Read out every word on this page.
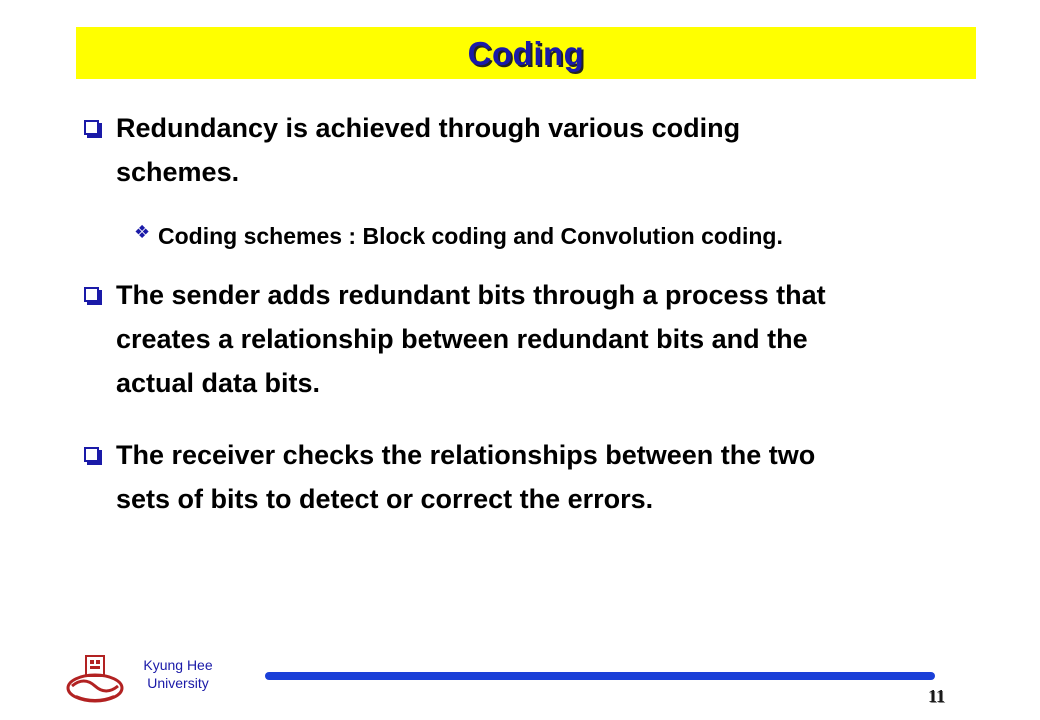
Coding
Redundancy is achieved through various coding
schemes.
❖ Coding schemes : Block coding and Convolution coding.
The sender adds redundant bits through a process that
creates a relationship between redundant bits and the
actual data bits.
The receiver checks the relationships between the two
sets of bits to detect or correct the errors.
Kyung Hee
University
11
